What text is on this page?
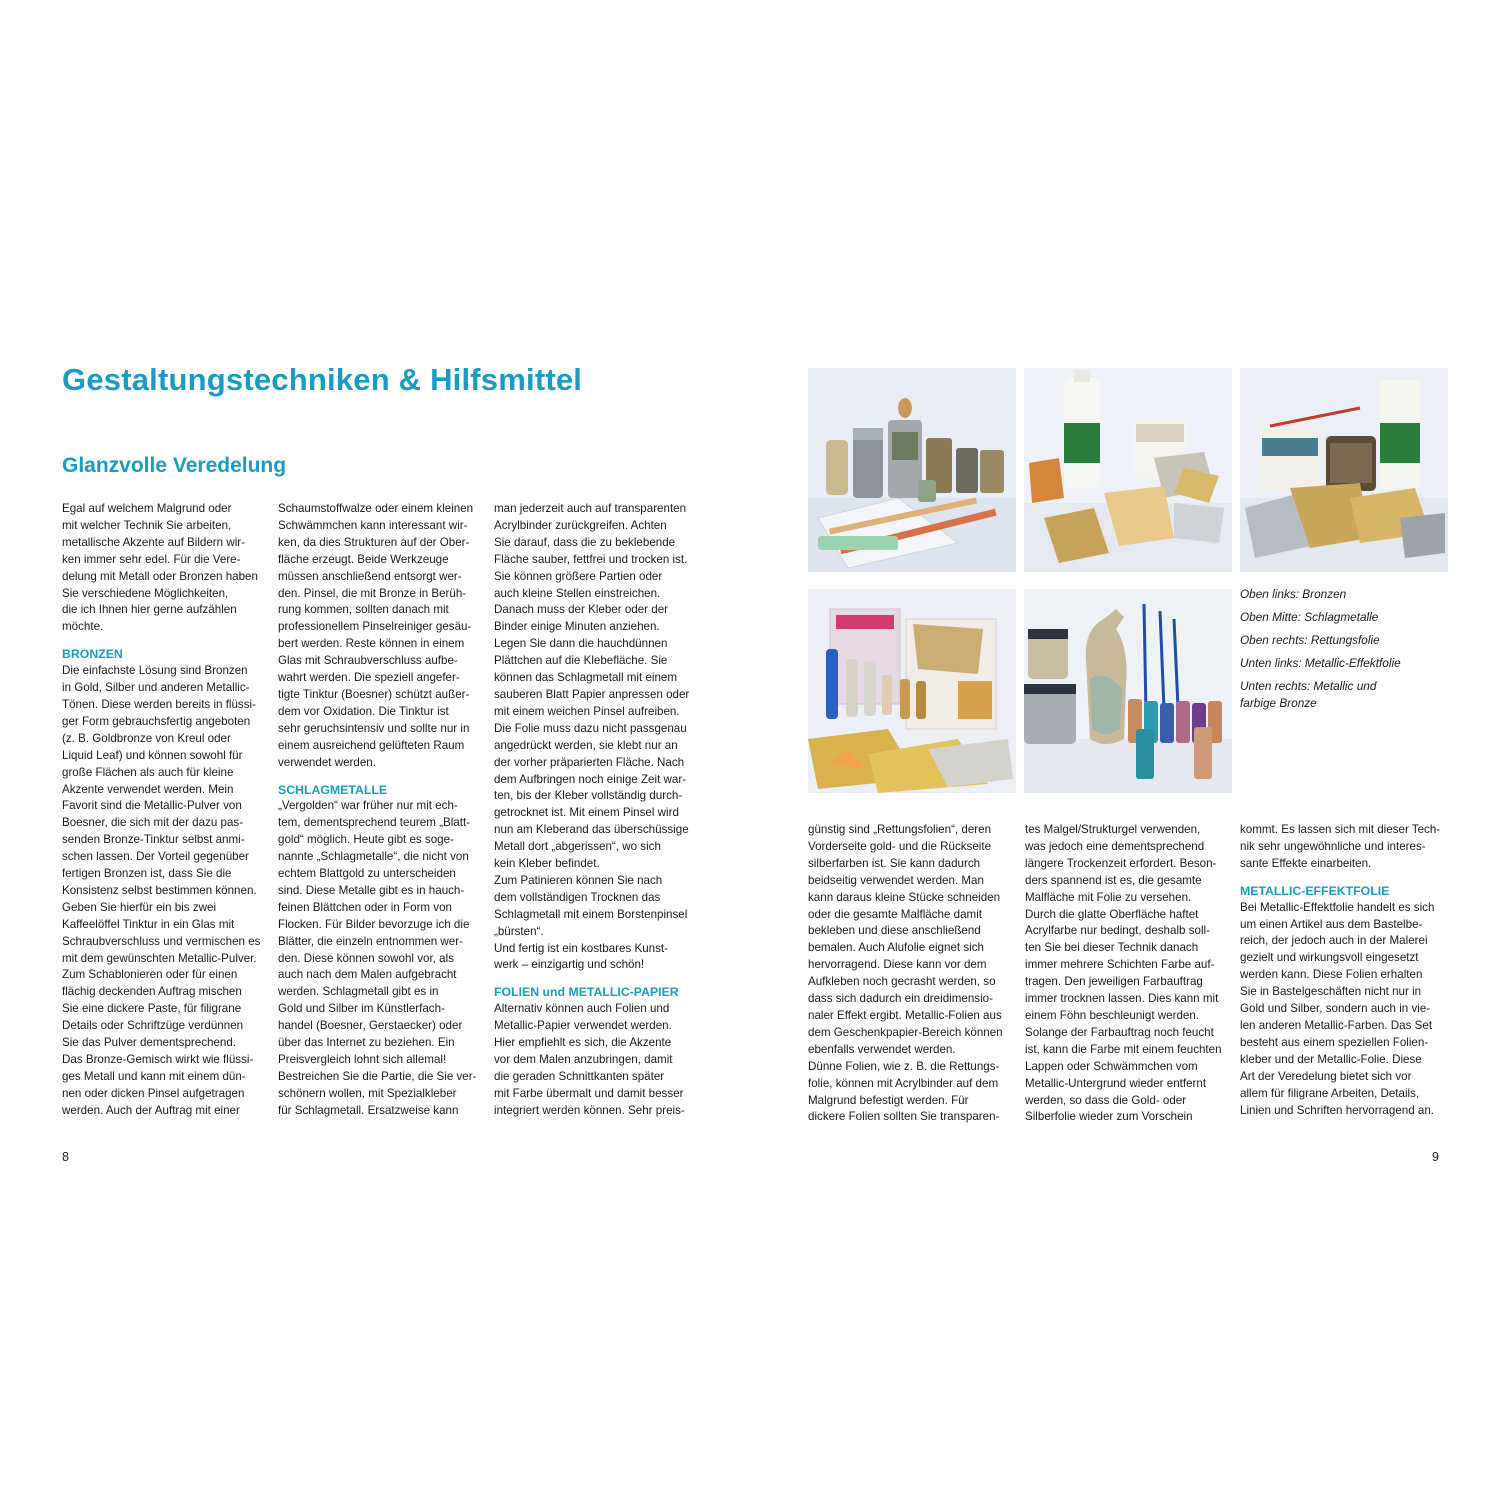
Gestaltungstechniken & Hilfsmittel
Glanzvolle Veredelung

Egal auf welchem Malgrund oder
mit welcher Technik Sie arbeiten,
metallische Akzente auf Bildern wir-
ken immer sehr edel. Für die Vere-
delung mit Metall oder Bronzen haben
Sie verschiedene Möglichkeiten,
die ich Ihnen hier gerne aufzählen
möchte.

BRONZEN

Die einfachste Lösung sind Bronzen
in Gold, Silber und anderen Metallic-
Tönen. Diese werden bereits in flüssi-
ger Form gebrauchsfertig angeboten
(z. B. Goldbronze von Kreul oder
Liquid Leaf) und können sowohl für
große Flächen als auch für kleine
Akzente verwendet werden. Mein
Favorit sind die Metallic-Pulver von
Boesner, die sich mit der dazu pas-
senden Bronze-Tinktur selbst anmi-
schen lassen. Der Vorteil gegenüber
fertigen Bronzen ist, dass Sie die
Konsistenz selbst bestimmen können.
Geben Sie hierfür ein bis zwei
Kaffeelöffel Tinktur in ein Glas mit
Schraubverschluss und vermischen es
mit dem gewünschten Metallic-Pulver.
Zum Schablonieren oder für einen
flächig deckenden Auftrag mischen
Sie eine dickere Paste, für filigrane
Details oder Schriftzüge verdünnen
Sie das Pulver dementsprechend.
Das Bronze-Gemisch wirkt wie flüssi-
ges Metall und kann mit einem dün-
nen oder dicken Pinsel aufgetragen
werden. Auch der Auftrag mit einer

Schaumstoffwalze oder einem kleinen
Schwämmchen kann interessant wir-
ken, da dies Strukturen auf der Ober-
fläche erzeugt. Beide Werkzeuge
müssen anschließend entsorgt wer-
den. Pinsel, die mit Bronze in Berüh-
rung kommen, sollten danach mit
professionellem Pinselreiniger gesäu-
bert werden. Reste können in einem
Glas mit Schraubverschluss aufbe-
wahrt werden. Die speziell angefer-
tigte Tinktur (Boesner) schützt außer-
dem vor Oxidation. Die Tinktur ist
sehr geruchsintensiv und sollte nur in
einem ausreichend gelüfteten Raum
verwendet werden.

SCHLAGMETALLE

„Vergolden“ war früher nur mit ech-
tem, dementsprechend teurem „Blatt-
gold“ möglich. Heute gibt es soge-
nannte „Schlagmetalle“, die nicht von
echtem Blattgold zu unterscheiden
sind. Diese Metalle gibt es in hauch-
feinen Blättchen oder in Form von
Flocken. Für Bilder bevorzuge ich die
Blätter, die einzeln entnommen wer-
den. Diese können sowohl vor, als
auch nach dem Malen aufgebracht
werden. Schlagmetall gibt es in
Gold und Silber im Künstlerfach-
handel (Boesner, Gerstaecker) oder
über das Internet zu beziehen. Ein
Preisvergleich lohnt sich allemal!
Bestreichen Sie die Partie, die Sie ver-
schönern wollen, mit Spezialkleber
für Schlagmetall. Ersatzweise kann

man jederzeit auch auf transparenten
Acrylbinder zurückgreifen. Achten
Sie darauf, dass die zu beklebende
Fläche sauber, fettfrei und trocken ist.
Sie können größere Partien oder
auch kleine Stellen einstreichen.
Danach muss der Kleber oder der
Binder einige Minuten anziehen.
Legen Sie dann die hauchdünnen
Plättchen auf die Klebefläche. Sie
können das Schlagmetall mit einem
sauberen Blatt Papier anpressen oder
mit einem weichen Pinsel aufreiben.
Die Folie muss dazu nicht passgenau
angedrückt werden, sie klebt nur an
der vorher präparierten Fläche. Nach
dem Aufbringen noch einige Zeit war-
ten, bis der Kleber vollständig durch-
getrocknet ist. Mit einem Pinsel wird
nun am Kleberand das überschüssige
Metall dort „abgerissen“, wo sich
kein Kleber befindet.
Zum Patinieren können Sie nach
dem vollständigen Trocknen das
Schlagmetall mit einem Borstenpinsel
„bürsten“.
Und fertig ist ein kostbares Kunst-
werk – einzigartig und schön!

FOLIEN und METALLIC-PAPIER

Alternativ können auch Folien und
Metallic-Papier verwendet werden.
Hier empfiehlt es sich, die Akzente
vor dem Malen anzubringen, damit
die geraden Schnittkanten später
mit Farbe übermalt und damit besser
integriert werden können. Sehr preis-

Oben links: Bronzen
Oben Mitte: Schlagmetalle
Oben rechts: Rettungsfolie
Unten links: Metallic-Effektfolie
Unten rechts: Metallic und farbige Bronze

günstig sind „Rettungsfolien“, deren
Vorderseite gold- und die Rückseite
silberfarben ist. Sie kann dadurch
beidseitig verwendet werden. Man
kann daraus kleine Stücke schneiden
oder die gesamte Malfläche damit
bekleben und diese anschließend
bemalen. Auch Alufolie eignet sich
hervorragend. Diese kann vor dem
Aufkleben noch gecrasht werden, so
dass sich dadurch ein dreidimensio-
naler Effekt ergibt. Metallic-Folien aus
dem Geschenkpapier-Bereich können
ebenfalls verwendet werden.
Dünne Folien, wie z. B. die Rettungs-
folie, können mit Acrylbinder auf dem
Malgrund befestigt werden. Für
dickere Folien sollten Sie transparen-

tes Malgel/Strukturgel verwenden,
was jedoch eine dementsprechend
längere Trockenzeit erfordert. Beson-
ders spannend ist es, die gesamte
Malfläche mit Folie zu versehen.
Durch die glatte Oberfläche haftet
Acrylfarbe nur bedingt, deshalb soll-
ten Sie bei dieser Technik danach
immer mehrere Schichten Farbe auf-
tragen. Den jeweiligen Farbauftrag
immer trocknen lassen. Dies kann mit
einem Föhn beschleunigt werden.
Solange der Farbauftrag noch feucht
ist, kann die Farbe mit einem feuchten
Lappen oder Schwämmchen vom
Metallic-Untergrund wieder entfernt
werden, so dass die Gold- oder
Silberfolie wieder zum Vorschein

kommt. Es lassen sich mit dieser Tech-
nik sehr ungewöhnliche und interes-
sante Effekte einarbeiten.

METALLIC-EFFEKTFOLIE

Bei Metallic-Effektfolie handelt es sich
um einen Artikel aus dem Bastelbe-
reich, der jedoch auch in der Malerei
gezielt und wirkungsvoll eingesetzt
werden kann. Diese Folien erhalten
Sie in Bastelgeschäften nicht nur in
Gold und Silber, sondern auch in vie-
len anderen Metallic-Farben. Das Set
besteht aus einem speziellen Folien-
kleber und der Metallic-Folie. Diese
Art der Veredelung bietet sich vor
allem für filigrane Arbeiten, Details,
Linien und Schriften hervorragend an.

8	9
